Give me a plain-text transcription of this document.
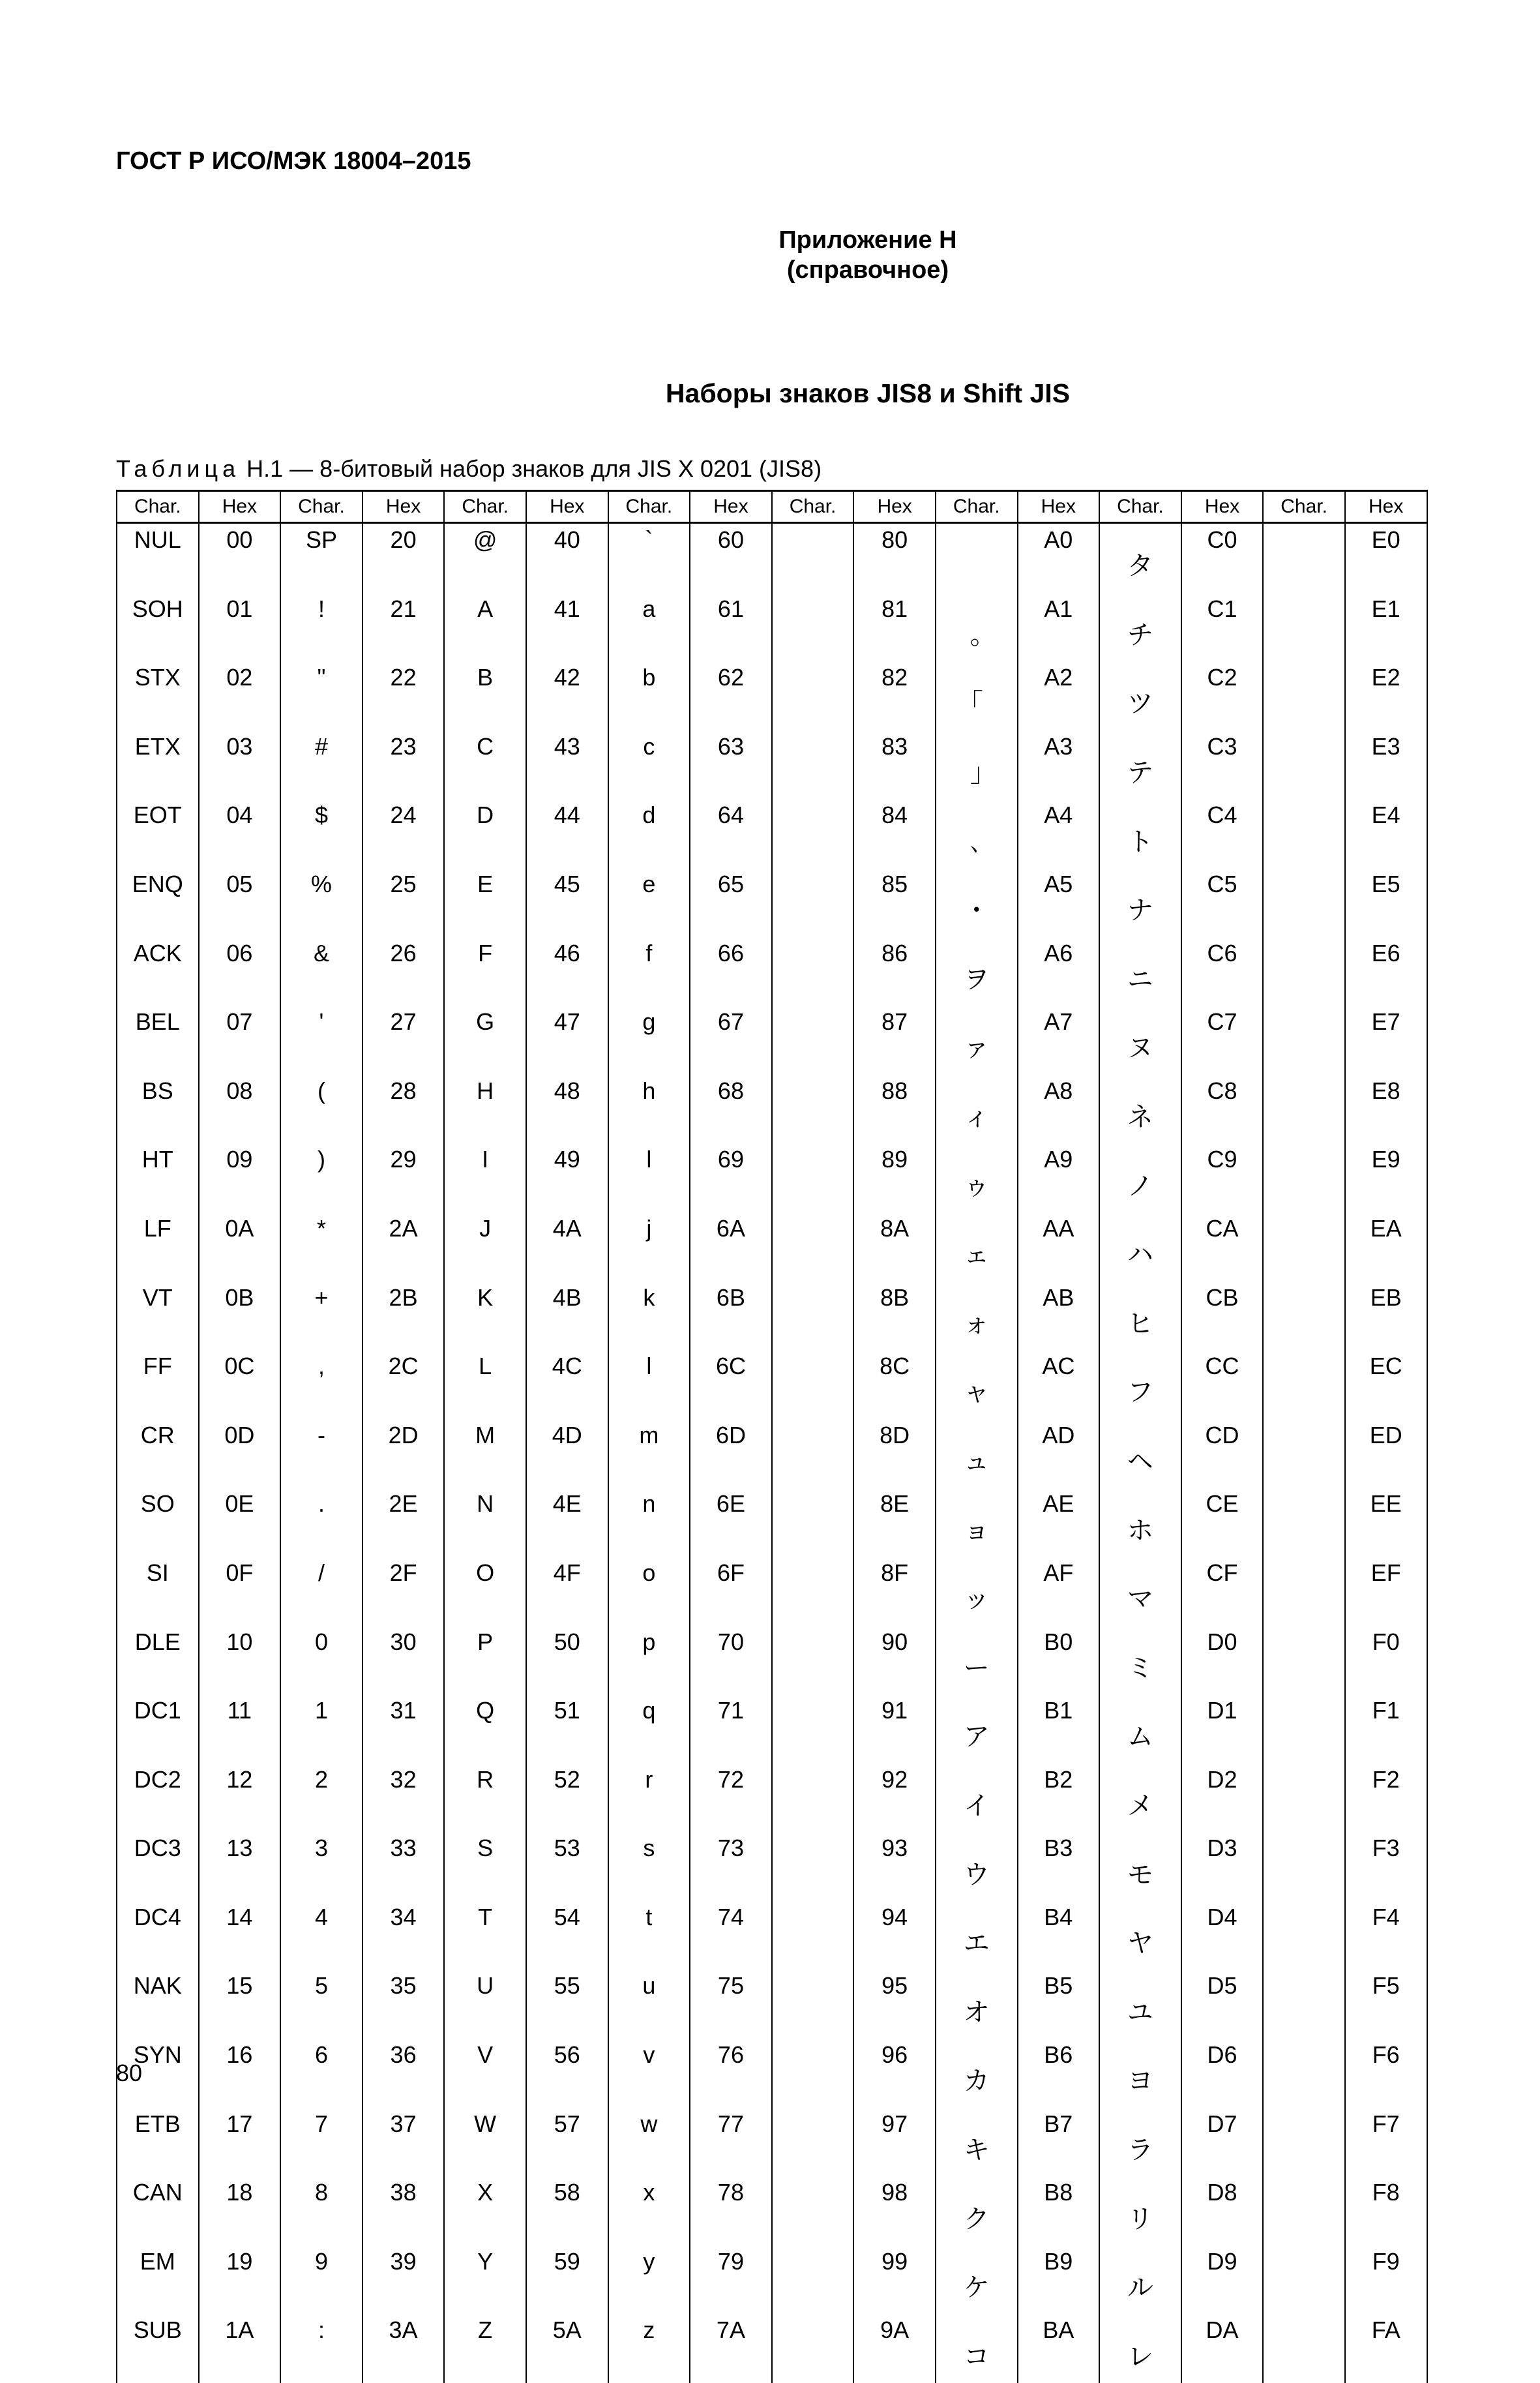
ГОСТ Р ИСО/МЭК 18004–2015
Приложение Н
(справочное)
Наборы знаков JIS8 и Shift JIS

Таблица Н.1 — 8-битовый набор знаков для JIS X 0201 (JIS8)

Char.	Hex	Char.	Hex	Char.	Hex	Char.	Hex	Char.	Hex	Char.	Hex	Char.	Hex	Char.	Hex
NUL	00	SP	20	@	40	`	60		80		A0	タ	C0		E0
SOH	01	!	21	A	41	a	61		81	｡	A1	チ	C1		E1
STX	02	"	22	B	42	b	62		82	｢	A2	ツ	C2		E2
ETX	03	#	23	C	43	c	63		83	｣	A3	テ	C3		E3
EOT	04	$	24	D	44	d	64		84	､	A4	ト	C4		E4
ENQ	05	%	25	E	45	e	65		85	･	A5	ナ	C5		E5
ACK	06	&	26	F	46	f	66		86	ヲ	A6	ニ	C6		E6
BEL	07	'	27	G	47	g	67		87	ァ	A7	ヌ	C7		E7
BS	08	(	28	H	48	h	68		88	ィ	A8	ネ	C8		E8
HT	09	)	29	I	49	l	69		89	ゥ	A9	ノ	C9		E9
LF	0A	*	2A	J	4A	j	6A		8A	ェ	AA	ハ	CA		EA
VT	0B	+	2B	K	4B	k	6B		8B	ォ	AB	ヒ	CB		EB
FF	0C	,	2C	L	4C	l	6C		8C	ャ	AC	フ	CC		EC
CR	0D	-	2D	M	4D	m	6D		8D	ュ	AD	ヘ	CD		ED
SO	0E	.	2E	N	4E	n	6E		8E	ョ	AE	ホ	CE		EE
SI	0F	/	2F	O	4F	o	6F		8F	ッ	AF	マ	CF		EF
DLE	10	0	30	P	50	p	70		90	ー	B0	ミ	D0		F0
DC1	11	1	31	Q	51	q	71		91	ア	B1	ム	D1		F1
DC2	12	2	32	R	52	r	72		92	イ	B2	メ	D2		F2
DC3	13	3	33	S	53	s	73		93	ウ	B3	モ	D3		F3
DC4	14	4	34	T	54	t	74		94	エ	B4	ヤ	D4		F4
NAK	15	5	35	U	55	u	75		95	オ	B5	ユ	D5		F5
SYN	16	6	36	V	56	v	76		96	カ	B6	ヨ	D6		F6
ETB	17	7	37	W	57	w	77		97	キ	B7	ラ	D7		F7
CAN	18	8	38	X	58	x	78		98	ク	B8	リ	D8		F8
EM	19	9	39	Y	59	y	79		99	ケ	B9	ル	D9		F9
SUB	1A	:	3A	Z	5A	z	7A		9A	コ	BA	レ	DA		FA
80
